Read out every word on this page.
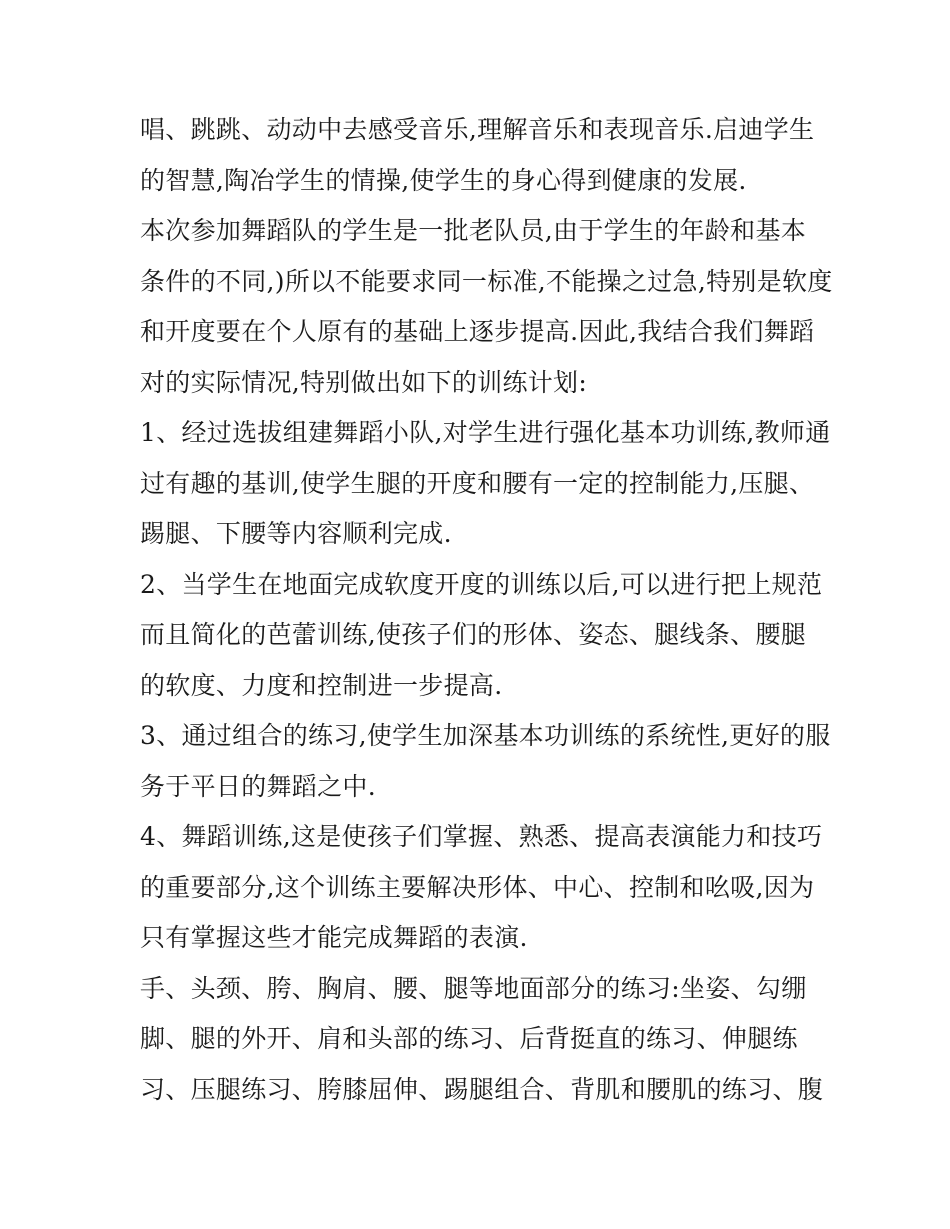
唱、跳跳、动动中去感受音乐,理解音乐和表现音乐.启迪学生
的智慧,陶冶学生的情操,使学生的身心得到健康的发展.
本次参加舞蹈队的学生是一批老队员,由于学生的年龄和基本
条件的不同,)所以不能要求同一标准,不能操之过急,特别是软度
和开度要在个人原有的基础上逐步提高.因此,我结合我们舞蹈
对的实际情况,特别做出如下的训练计划:
1、经过选拔组建舞蹈小队,对学生进行强化基本功训练,教师通
过有趣的基训,使学生腿的开度和腰有一定的控制能力,压腿、
踢腿、下腰等内容顺利完成.
2、当学生在地面完成软度开度的训练以后,可以进行把上规范
而且简化的芭蕾训练,使孩子们的形体、姿态、腿线条、腰腿
的软度、力度和控制进一步提高.
3、通过组合的练习,使学生加深基本功训练的系统性,更好的服
务于平日的舞蹈之中.
4、舞蹈训练,这是使孩子们掌握、熟悉、提高表演能力和技巧
的重要部分,这个训练主要解决形体、中心、控制和吆吸,因为
只有掌握这些才能完成舞蹈的表演.
手、头颈、胯、胸肩、腰、腿等地面部分的练习:坐姿、勾绷
脚、腿的外开、肩和头部的练习、后背挺直的练习、伸腿练
习、压腿练习、胯膝屈伸、踢腿组合、背肌和腰肌的练习、腹
